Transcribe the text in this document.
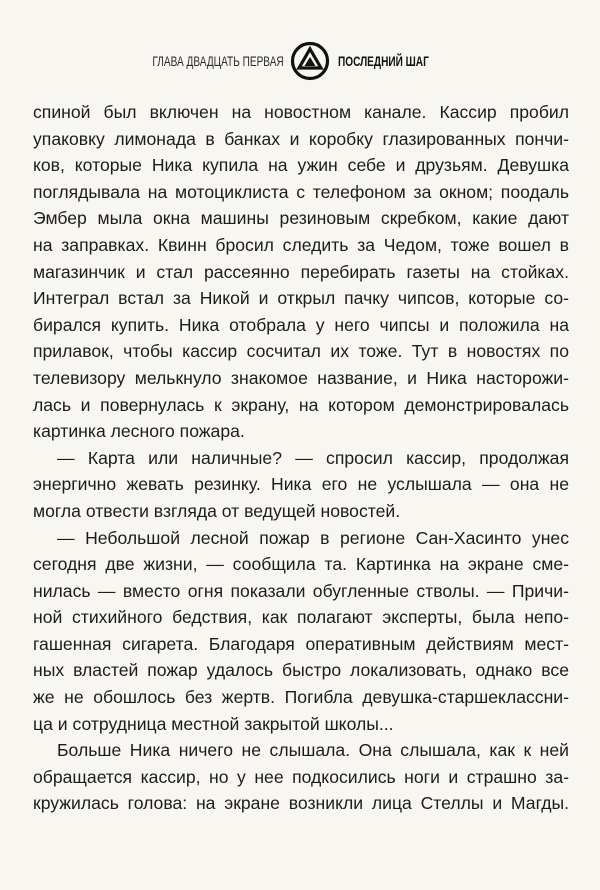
ГЛАВА ДВАДЦАТЬ ПЕРВАЯ	ПОСЛЕДНИЙ ШАГ
спиной был включен на новостном канале. Кассир пробил
упаковку лимонада в банках и коробку глазированных пончи-
ков, которые Ника купила на ужин себе и друзьям. Девушка
поглядывала на мотоциклиста с телефоном за окном; поодаль
Эмбер мыла окна машины резиновым скребком, какие дают
на заправках. Квинн бросил следить за Чедом, тоже вошел в
магазинчик и стал рассеянно перебирать газеты на стойках.
Интеграл встал за Никой и открыл пачку чипсов, которые со-
бирался купить. Ника отобрала у него чипсы и положила на
прилавок, чтобы кассир сосчитал их тоже. Тут в новостях по
телевизору мелькнуло знакомое название, и Ника насторожи-
лась и повернулась к экрану, на котором демонстрировалась
картинка лесного пожара.
— Карта или наличные? — спросил кассир, продолжая
энергично жевать резинку. Ника его не услышала — она не
могла отвести взгляда от ведущей новостей.
— Небольшой лесной пожар в регионе Сан-Хасинто унес
сегодня две жизни, — сообщила та. Картинка на экране сме-
нилась — вместо огня показали обугленные стволы. — Причи-
ной стихийного бедствия, как полагают эксперты, была непо-
гашенная сигарета. Благодаря оперативным действиям мест-
ных властей пожар удалось быстро локализовать, однако все
же не обошлось без жертв. Погибла девушка-старшеклассни-
ца и сотрудница местной закрытой школы...
Больше Ника ничего не слышала. Она слышала, как к ней
обращается кассир, но у нее подкосились ноги и страшно за-
кружилась голова: на экране возникли лица Стеллы и Магды.
